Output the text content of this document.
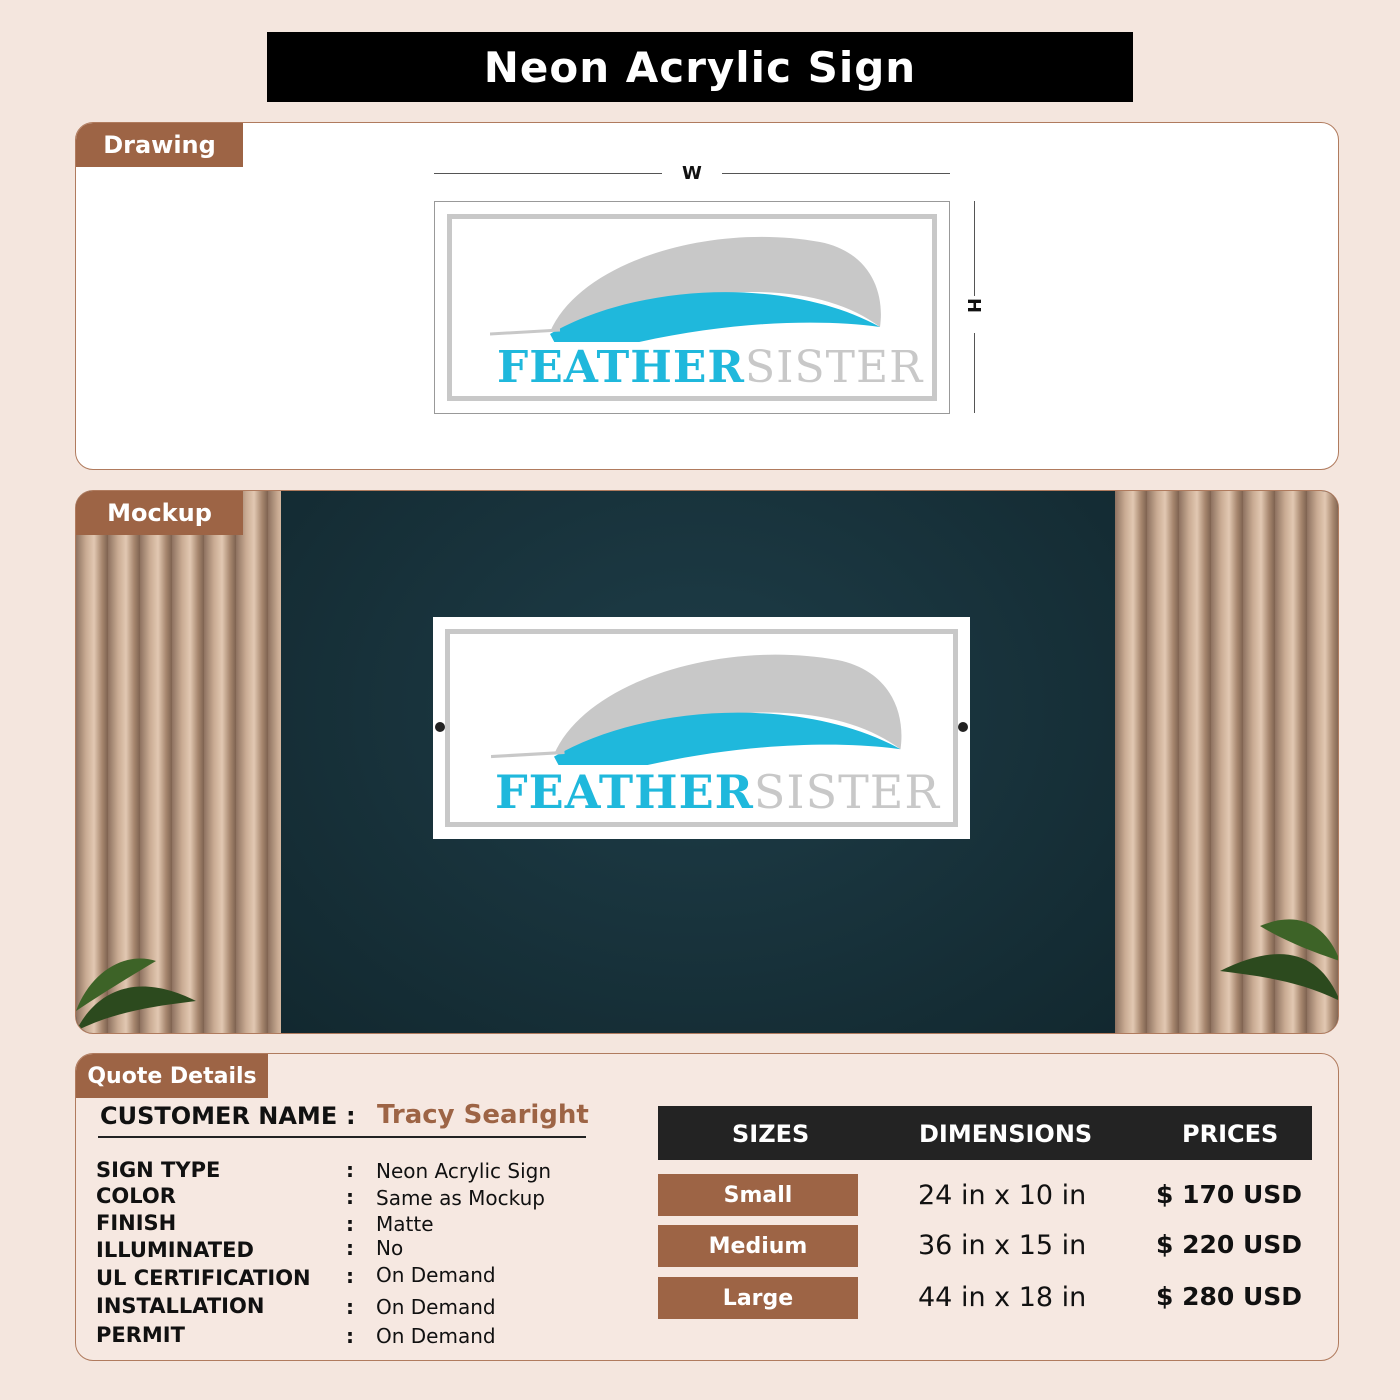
Neon Acrylic Sign
Drawing
W
H
FEATHERSISTER
Mockup
FEATHERSISTER
Quote Details
CUSTOMER NAME : Tracy Searight
SIGN TYPE	: Neon Acrylic Sign
COLOR	: Same as Mockup
FINISH	: Matte
ILLUMINATED	: No
UL CERTIFICATION : On Demand
INSTALLATION	: On Demand
PERMIT	: On Demand
SIZES	DIMENSIONS	PRICES
Small	24 in x 10 in	$ 170 USD
Medium	36 in x 15 in	$ 220 USD
Large	44 in x 18 in	$ 280 USD
